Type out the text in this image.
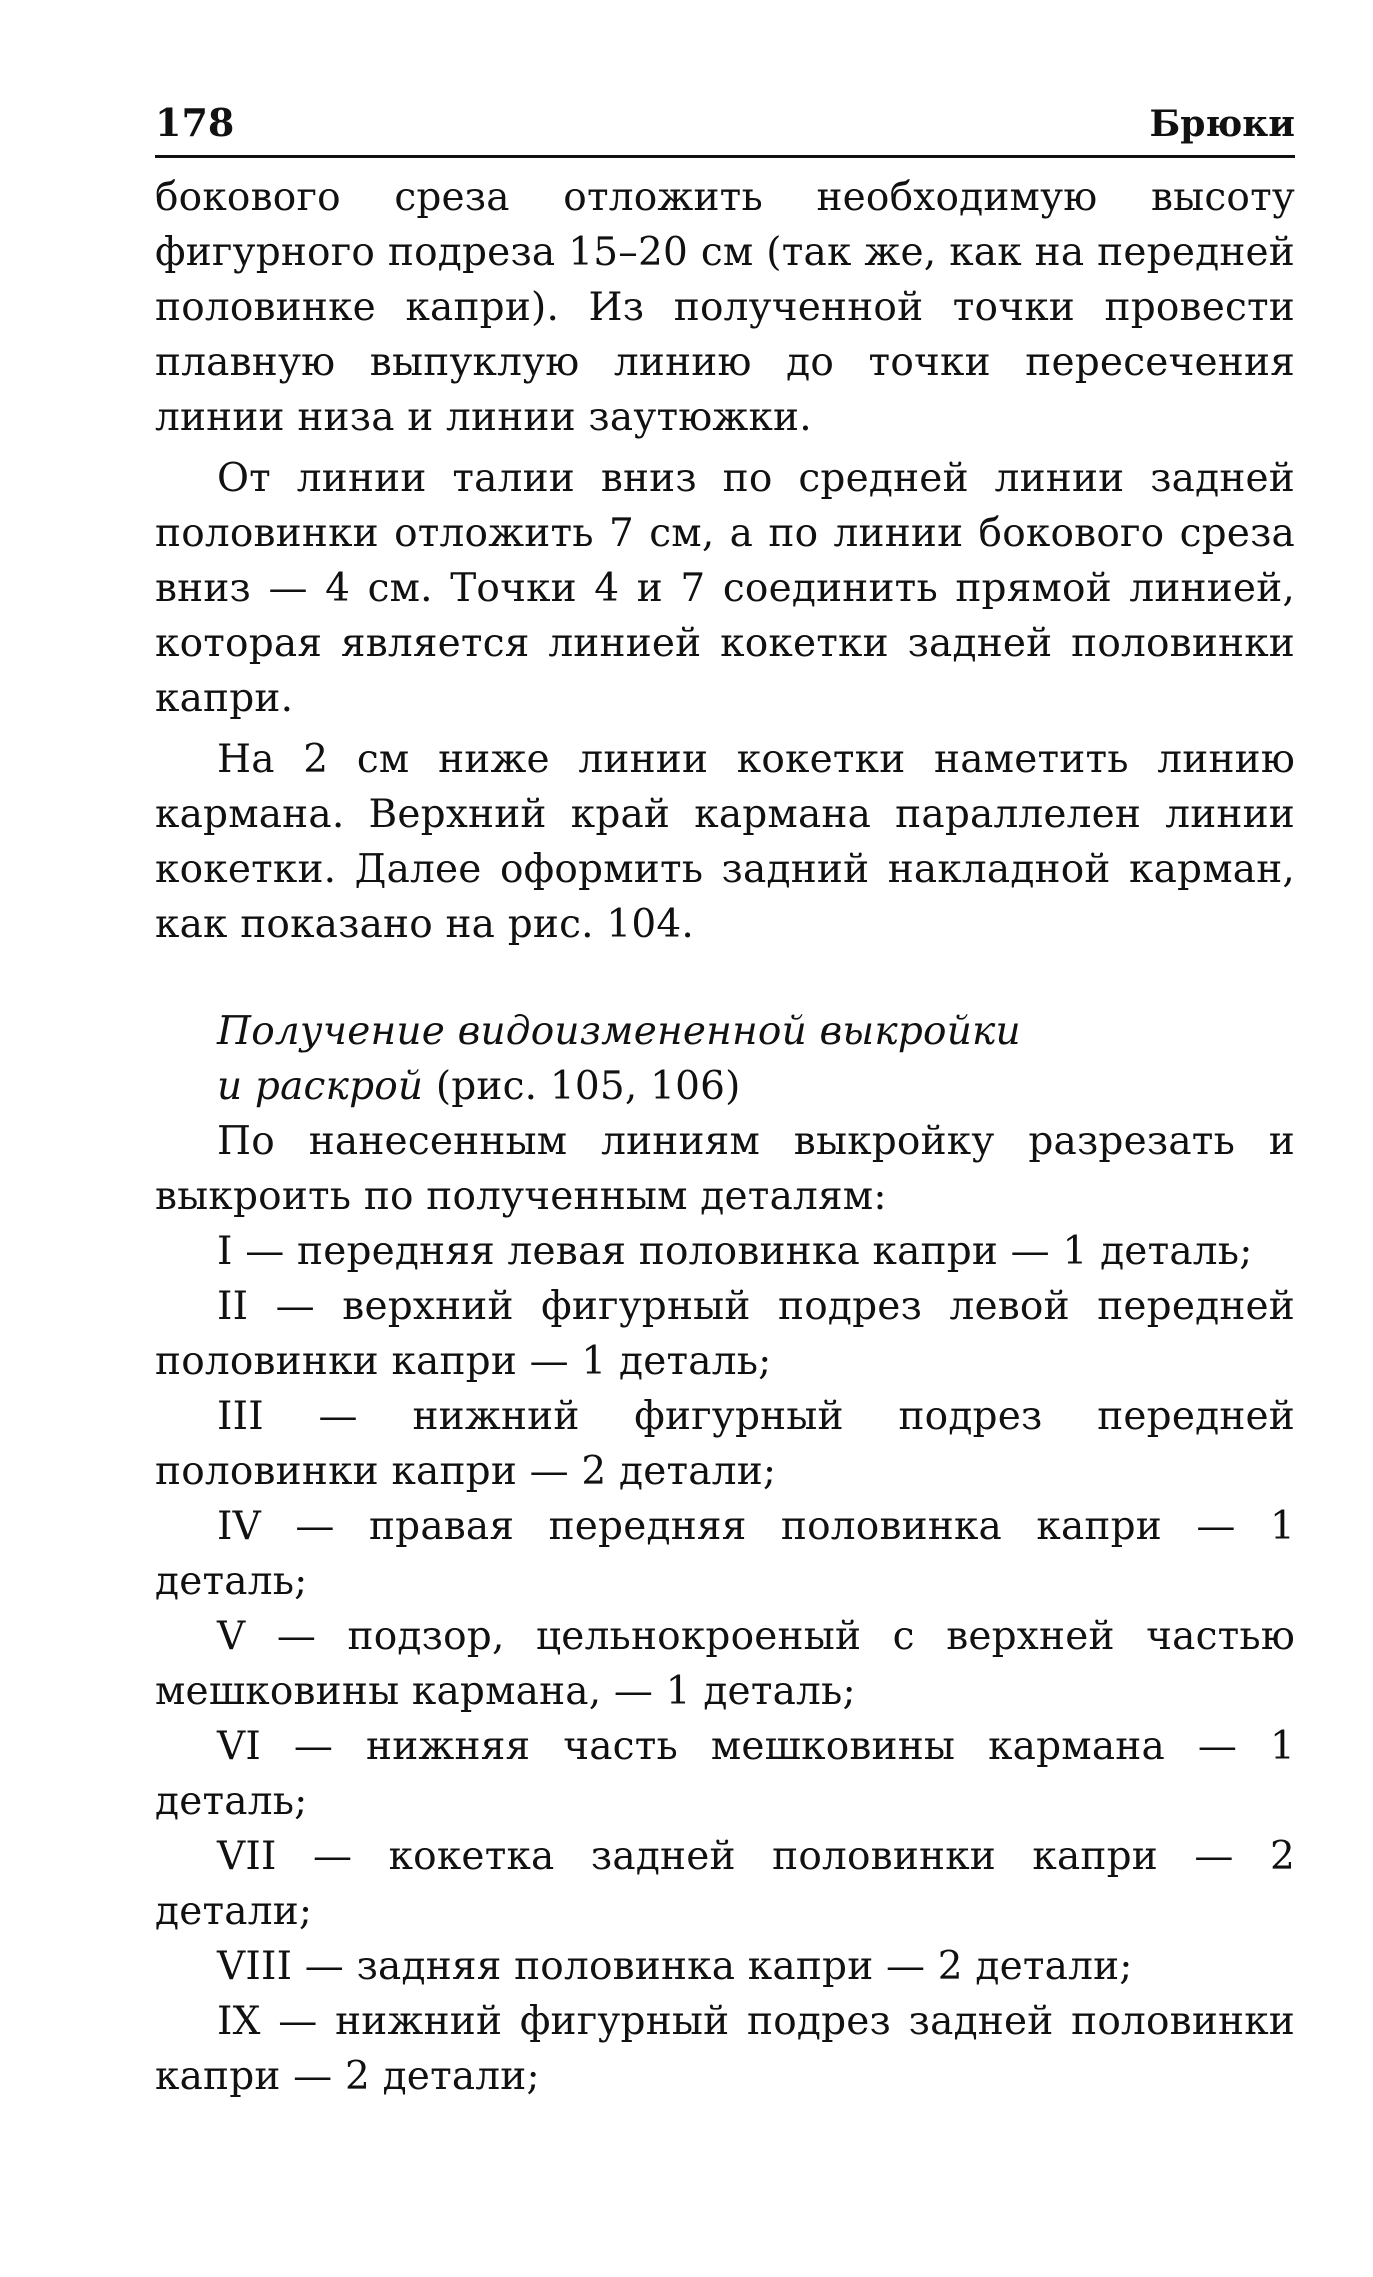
178	Брюки

бокового среза отложить необходимую высоту фигурного подреза 15–20 см (так же, как на передней половинке капри). Из полученной точки провести плавную выпуклую линию до точки пересечения линии низа и линии заутюжки.

От линии талии вниз по средней линии задней половинки отложить 7 см, а по линии бокового среза вниз — 4 см. Точки 4 и 7 соединить прямой линией, которая является линией кокетки задней половинки капри.

На 2 см ниже линии кокетки наметить линию кармана. Верхний край кармана параллелен линии кокетки. Далее оформить задний накладной карман, как показано на рис. 104.

Получение видоизмененной выкройки
и раскрой (рис. 105, 106)

По нанесенным линиям выкройку разрезать и выкроить по полученным деталям:

I — передняя левая половинка капри — 1 деталь;

II — верхний фигурный подрез левой передней половинки капри — 1 деталь;

III — нижний фигурный подрез передней половинки капри — 2 детали;

IV — правая передняя половинка капри — 1 деталь;

V — подзор, цельнокроеный с верхней частью мешковины кармана, — 1 деталь;

VI — нижняя часть мешковины кармана — 1 деталь;

VII — кокетка задней половинки капри — 2 детали;

VIII — задняя половинка капри — 2 детали;

IX — нижний фигурный подрез задней половинки капри — 2 детали;
